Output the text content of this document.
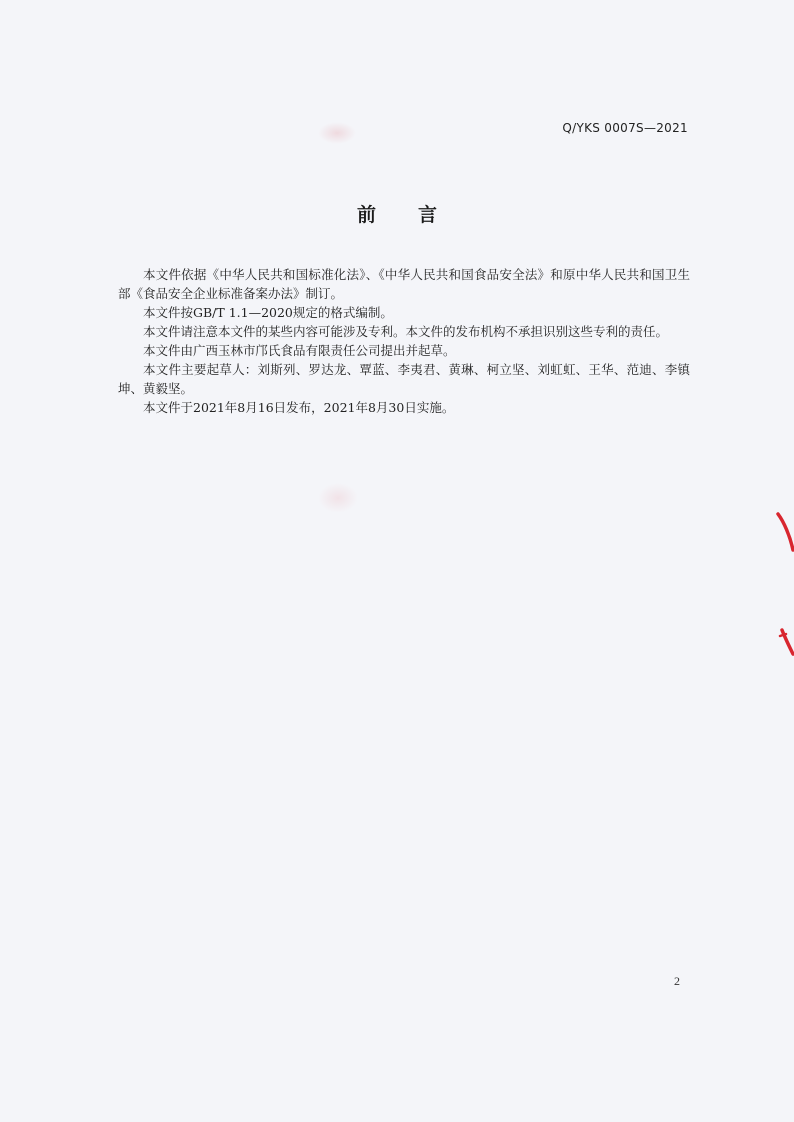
Q/YKS 0007S—2021
前 言

本文件依据《中华人民共和国标准化法》、《中华人民共和国食品安全法》和原中华人民共和国卫生部《食品安全企业标准备案办法》制订。

本文件按GB/T 1.1—2020规定的格式编制。

本文件请注意本文件的某些内容可能涉及专利。本文件的发布机构不承担识别这些专利的责任。

本文件由广西玉林市邝氏食品有限责任公司提出并起草。

本文件主要起草人：刘斯列、罗达龙、覃蓝、李夷君、黄琳、柯立坚、刘虹虹、王华、范迪、李镇坤、黄毅坚。

本文件于2021年8月16日发布，2021年8月30日实施。

2
